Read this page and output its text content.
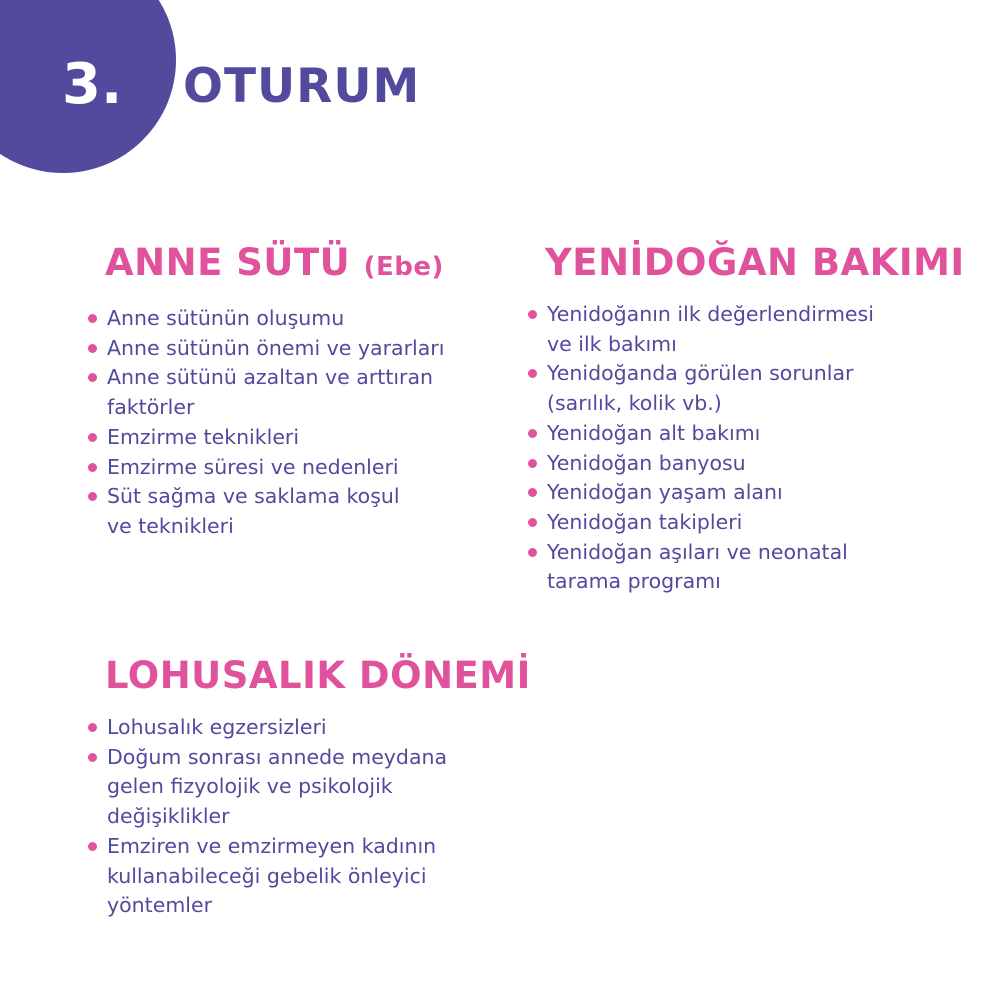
3. OTURUM
ANNE SÜTÜ (Ebe)
Anne sütünün oluşumu
Anne sütünün önemi ve yararları
Anne sütünü azaltan ve arttıran faktörler
Emzirme teknikleri
Emzirme süresi ve nedenleri
Süt sağma ve saklama koşul ve teknikleri
YENİDOĞAN BAKIMI
Yenidoğanın ilk değerlendirmesi ve ilk bakımı
Yenidoğanda görülen sorunlar (sarılık, kolik vb.)
Yenidoğan alt bakımı
Yenidoğan banyosu
Yenidoğan yaşam alanı
Yenidoğan takipleri
Yenidoğan aşıları ve neonatal tarama programı
LOHUSALIK DÖNEMİ
Lohusalık egzersizleri
Doğum sonrası annede meydana gelen fizyolojik ve psikolojik değişiklikler
Emziren ve emzirmeyen kadının kullanabileceği gebelik önleyici yöntemler
